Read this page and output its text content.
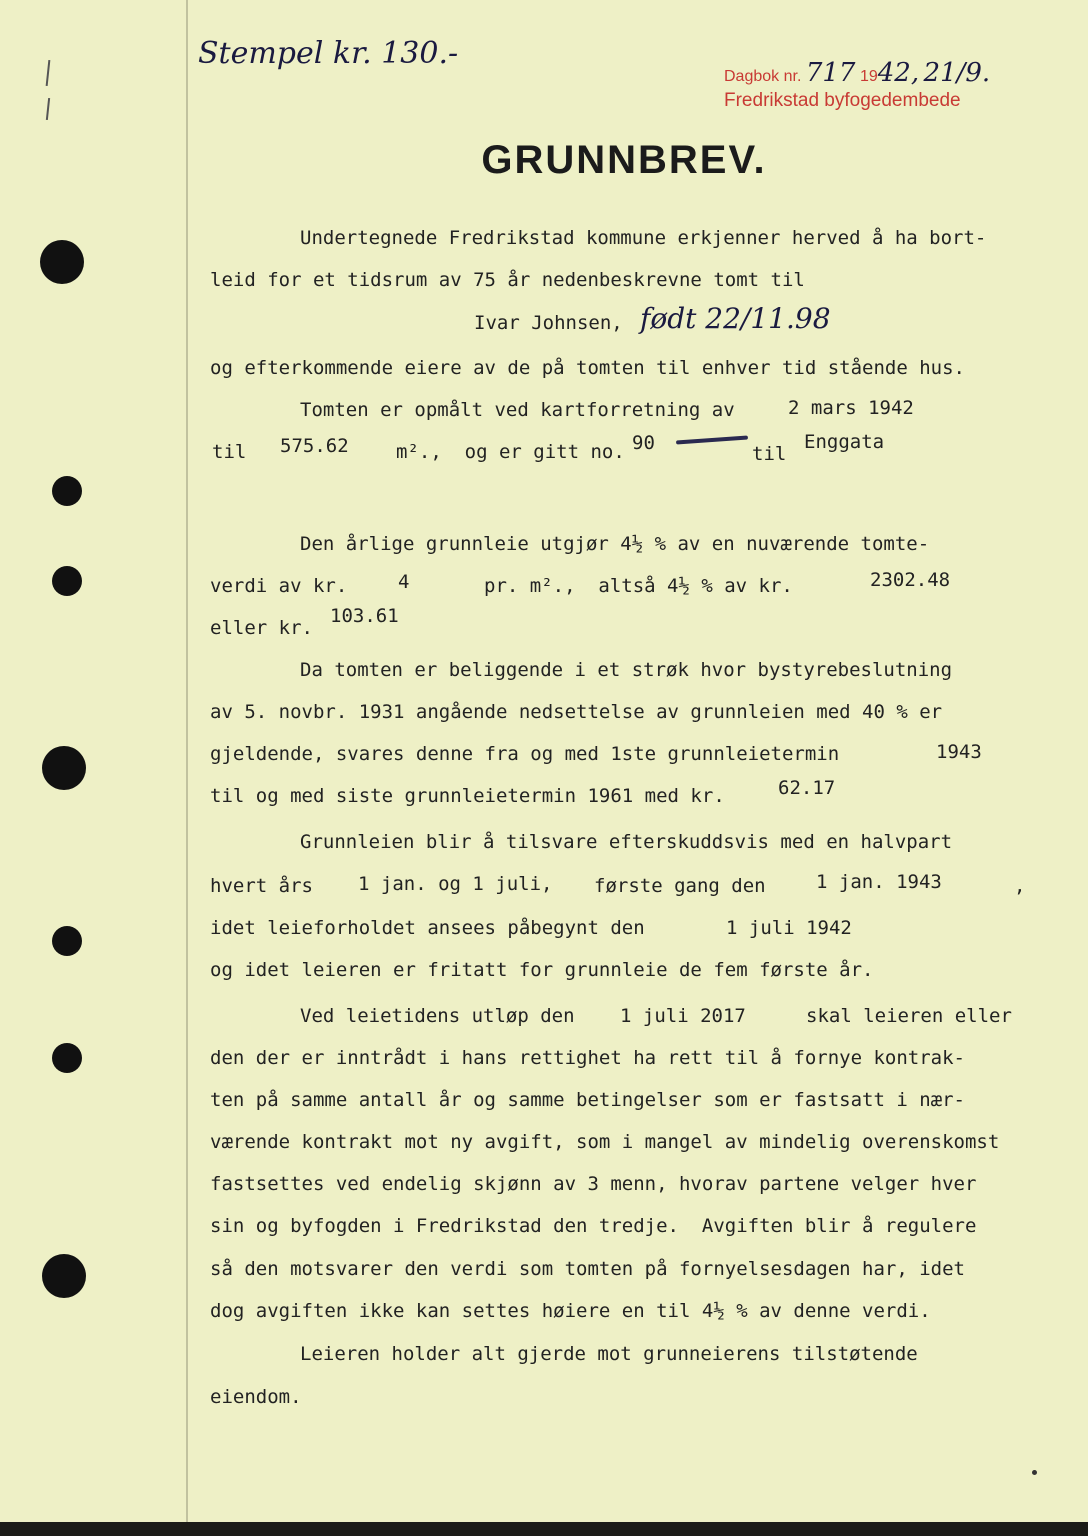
Stempel kr. 130.-
Dagbok nr. 717 1942, 21/9.
Fredrikstad byfogedembede
GRUNNBREV.
Undertegnede Fredrikstad kommune erkjenner herved å ha bort-
leid for et tidsrum av 75 år nedenbeskrevne tomt til
Ivar Johnsen, født 22/11.98
og efterkommende eiere av de på tomten til enhver tid stående hus.
Tomten er opmålt ved kartforretning av	2 mars 1942
til 575.62 m².,  og er gitt no. 90	til
Enggata
Den årlige grunnleie utgjør 4½ % av en nuværende tomte-
verdi av kr.	4	pr. m².,  altså 4½ % av kr.	2302.48
eller kr.
103.61
Da tomten er beliggende i et strøk hvor bystyrebeslutning
av 5. novbr. 1931 angående nedsettelse av grunnleien med 40 % er
gjeldende, svares denne fra og med 1ste grunnleietermin	1943
til og med siste grunnleietermin 1961 med kr.	62.17
Grunnleien blir å tilsvare efterskuddsvis med en halvpart
hvert års 1 jan. og 1 juli, første gang den	1 jan. 1943	,
idet leieforholdet ansees påbegynt den	1 juli 1942
og idet leieren er fritatt for grunnleie de fem første år.
Ved leietidens utløp den 1 juli 2017	skal leieren eller
den der er inntrådt i hans rettighet ha rett til å fornye kontrak-
ten på samme antall år og samme betingelser som er fastsatt i nær-
værende kontrakt mot ny avgift, som i mangel av mindelig overenskomst
fastsettes ved endelig skjønn av 3 menn, hvorav partene velger hver
sin og byfogden i Fredrikstad den tredje.  Avgiften blir å regulere
så den motsvarer den verdi som tomten på fornyelsesdagen har, idet
dog avgiften ikke kan settes høiere en til 4½ % av denne verdi.
Leieren holder alt gjerde mot grunneierens tilstøtende
eiendom.
